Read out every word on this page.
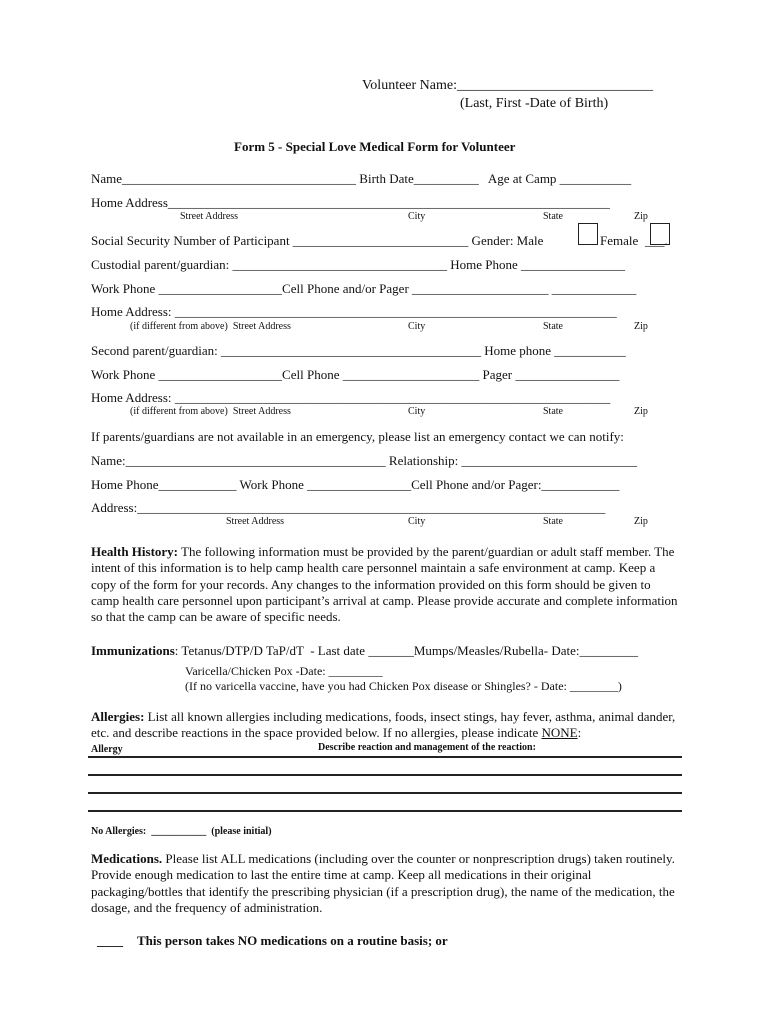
Volunteer Name:____________________________
(Last, First -Date of Birth)
Form 5 - Special Love Medical Form for Volunteer
Name____________________________________ Birth Date__________   Age at Camp ___________
Home Address____________________________________________________________________
Street Address	City	State	Zip
Social Security Number of Participant ___________________________ Gender: Male	Female ___.
Custodial parent/guardian: _________________________________ Home Phone ________________
Work Phone ___________________Cell Phone and/or Pager _____________________ _____________
Home Address: ____________________________________________________________________
(if different from above)  Street Address	City	State	Zip
Second parent/guardian: ________________________________________ Home phone ___________
Work Phone ___________________Cell Phone _____________________ Pager ________________
Home Address: ___________________________________________________________________
(if different from above)  Street Address	City	State	Zip
If parents/guardians are not available in an emergency, please list an emergency contact we can notify:
Name:________________________________________ Relationship: ___________________________
Home Phone____________ Work Phone ________________Cell Phone and/or Pager:____________
Address:________________________________________________________________________
Street Address	City	State	Zip
Health History: The following information must be provided by the parent/guardian or adult staff member. The intent of this information is to help camp health care personnel maintain a safe environment at camp. Keep a copy of the form for your records. Any changes to the information provided on this form should be given to camp health care personnel upon participant’s arrival at camp. Please provide accurate and complete information so that the camp can be aware of specific needs.
Immunizations: Tetanus/DTP/D TaP/dT  - Last date _______Mumps/Measles/Rubella- Date:_________
Varicella/Chicken Pox -Date: _________
(If no varicella vaccine, have you had Chicken Pox disease or Shingles? - Date: ________)
Allergies: List all known allergies including medications, foods, insect stings, hay fever, asthma, animal dander, etc. and describe reactions in the space provided below. If no allergies, please indicate NONE:
Allergy	Describe reaction and management of the reaction:
No Allergies:  ___________  (please initial)
Medications. Please list ALL medications (including over the counter or nonprescription drugs) taken routinely. Provide enough medication to last the entire time at camp. Keep all medications in their original packaging/bottles that identify the prescribing physician (if a prescription drug), the name of the medication, the dosage, and the frequency of administration.
____ This person takes NO medications on a routine basis; or
